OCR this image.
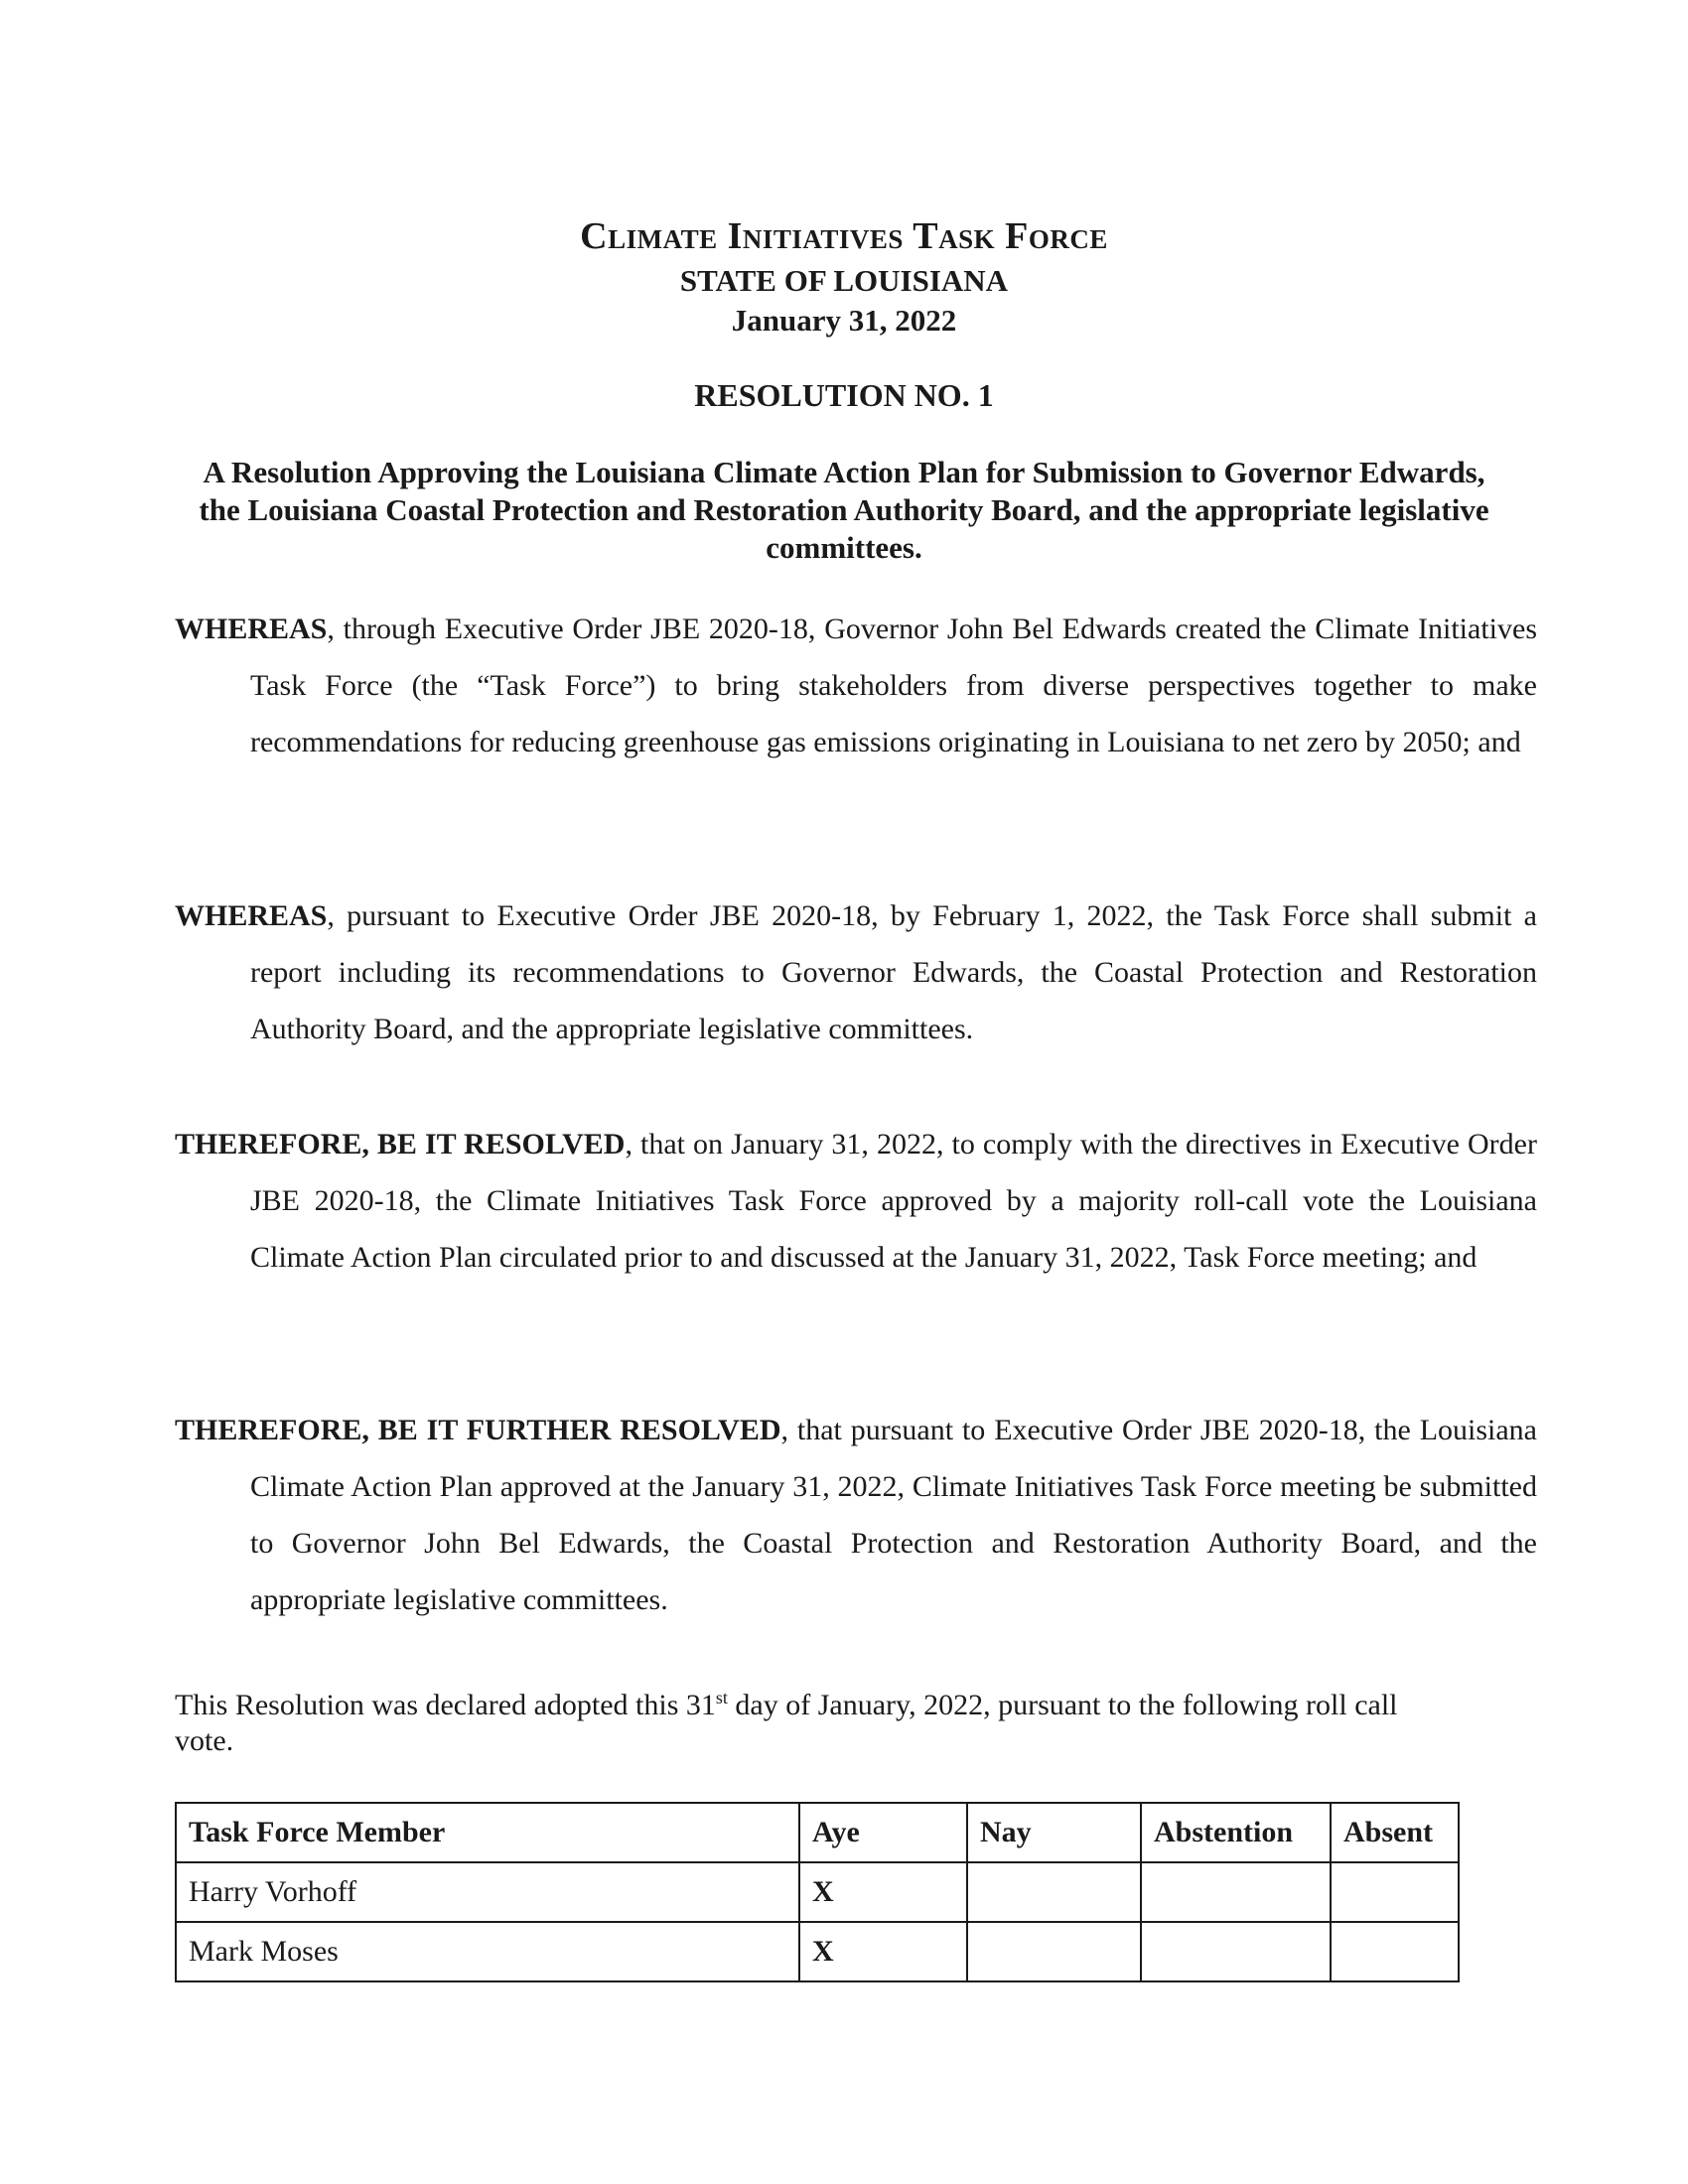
Climate Initiatives Task Force
STATE OF LOUISIANA
January 31, 2022
RESOLUTION NO. 1
A Resolution Approving the Louisiana Climate Action Plan for Submission to Governor Edwards, the Louisiana Coastal Protection and Restoration Authority Board, and the appropriate legislative committees.
WHEREAS, through Executive Order JBE 2020-18, Governor John Bel Edwards created the Climate Initiatives Task Force (the “Task Force”) to bring stakeholders from diverse perspectives together to make recommendations for reducing greenhouse gas emissions originating in Louisiana to net zero by 2050; and
WHEREAS, pursuant to Executive Order JBE 2020-18, by February 1, 2022, the Task Force shall submit a report including its recommendations to Governor Edwards, the Coastal Protection and Restoration Authority Board, and the appropriate legislative committees.
THEREFORE, BE IT RESOLVED, that on January 31, 2022, to comply with the directives in Executive Order JBE 2020-18, the Climate Initiatives Task Force approved by a majority roll-call vote the Louisiana Climate Action Plan circulated prior to and discussed at the January 31, 2022, Task Force meeting; and
THEREFORE, BE IT FURTHER RESOLVED, that pursuant to Executive Order JBE 2020-18, the Louisiana Climate Action Plan approved at the January 31, 2022, Climate Initiatives Task Force meeting be submitted to Governor John Bel Edwards, the Coastal Protection and Restoration Authority Board, and the appropriate legislative committees.
This Resolution was declared adopted this 31st day of January, 2022, pursuant to the following roll call vote.
Task Force Member	Aye	Nay	Abstention	Absent
Harry Vorhoff	X			
Mark Moses	X			
